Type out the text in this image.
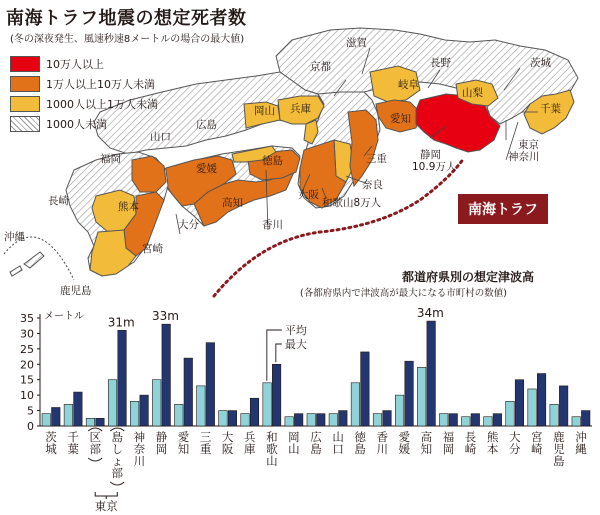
静岡
愛知
三重
徳島
高知
愛媛
宮崎
大分
大阪
香川
兵庫
岡山
奈良
岐阜
山梨
千葉
鹿児島
熊本
滋賀
京都	長野	茨城
東京
神奈川
広島
山口
福岡
長崎
沖縄
和歌山8万人
10.9万人
南海トラフ地震の想定死者数
(冬の深夜発生、風速秒速8メートルの場合の最大値)
10万人以上
1万人以上10万人未満
1000人以上1万人未満
1000人未満
南海トラフ
都道府県別の想定津波高
(各都府県内で津波高が最大になる市町村の数値)
0
5
10
15
20
25
30
35 メートル
茨
城
千
葉
区
部
島
し
ょ
部
神
奈
川
静
岡
愛
知
三
重
大
阪
兵
庫
和
歌
山
岡
山
広
島
山
口
徳
島
香
川
愛
媛
高
知
福
岡
長
崎
熊
本
大
分
宮
崎
鹿
児
島
沖
縄
東京
31m 33m	34m
平均
最大
